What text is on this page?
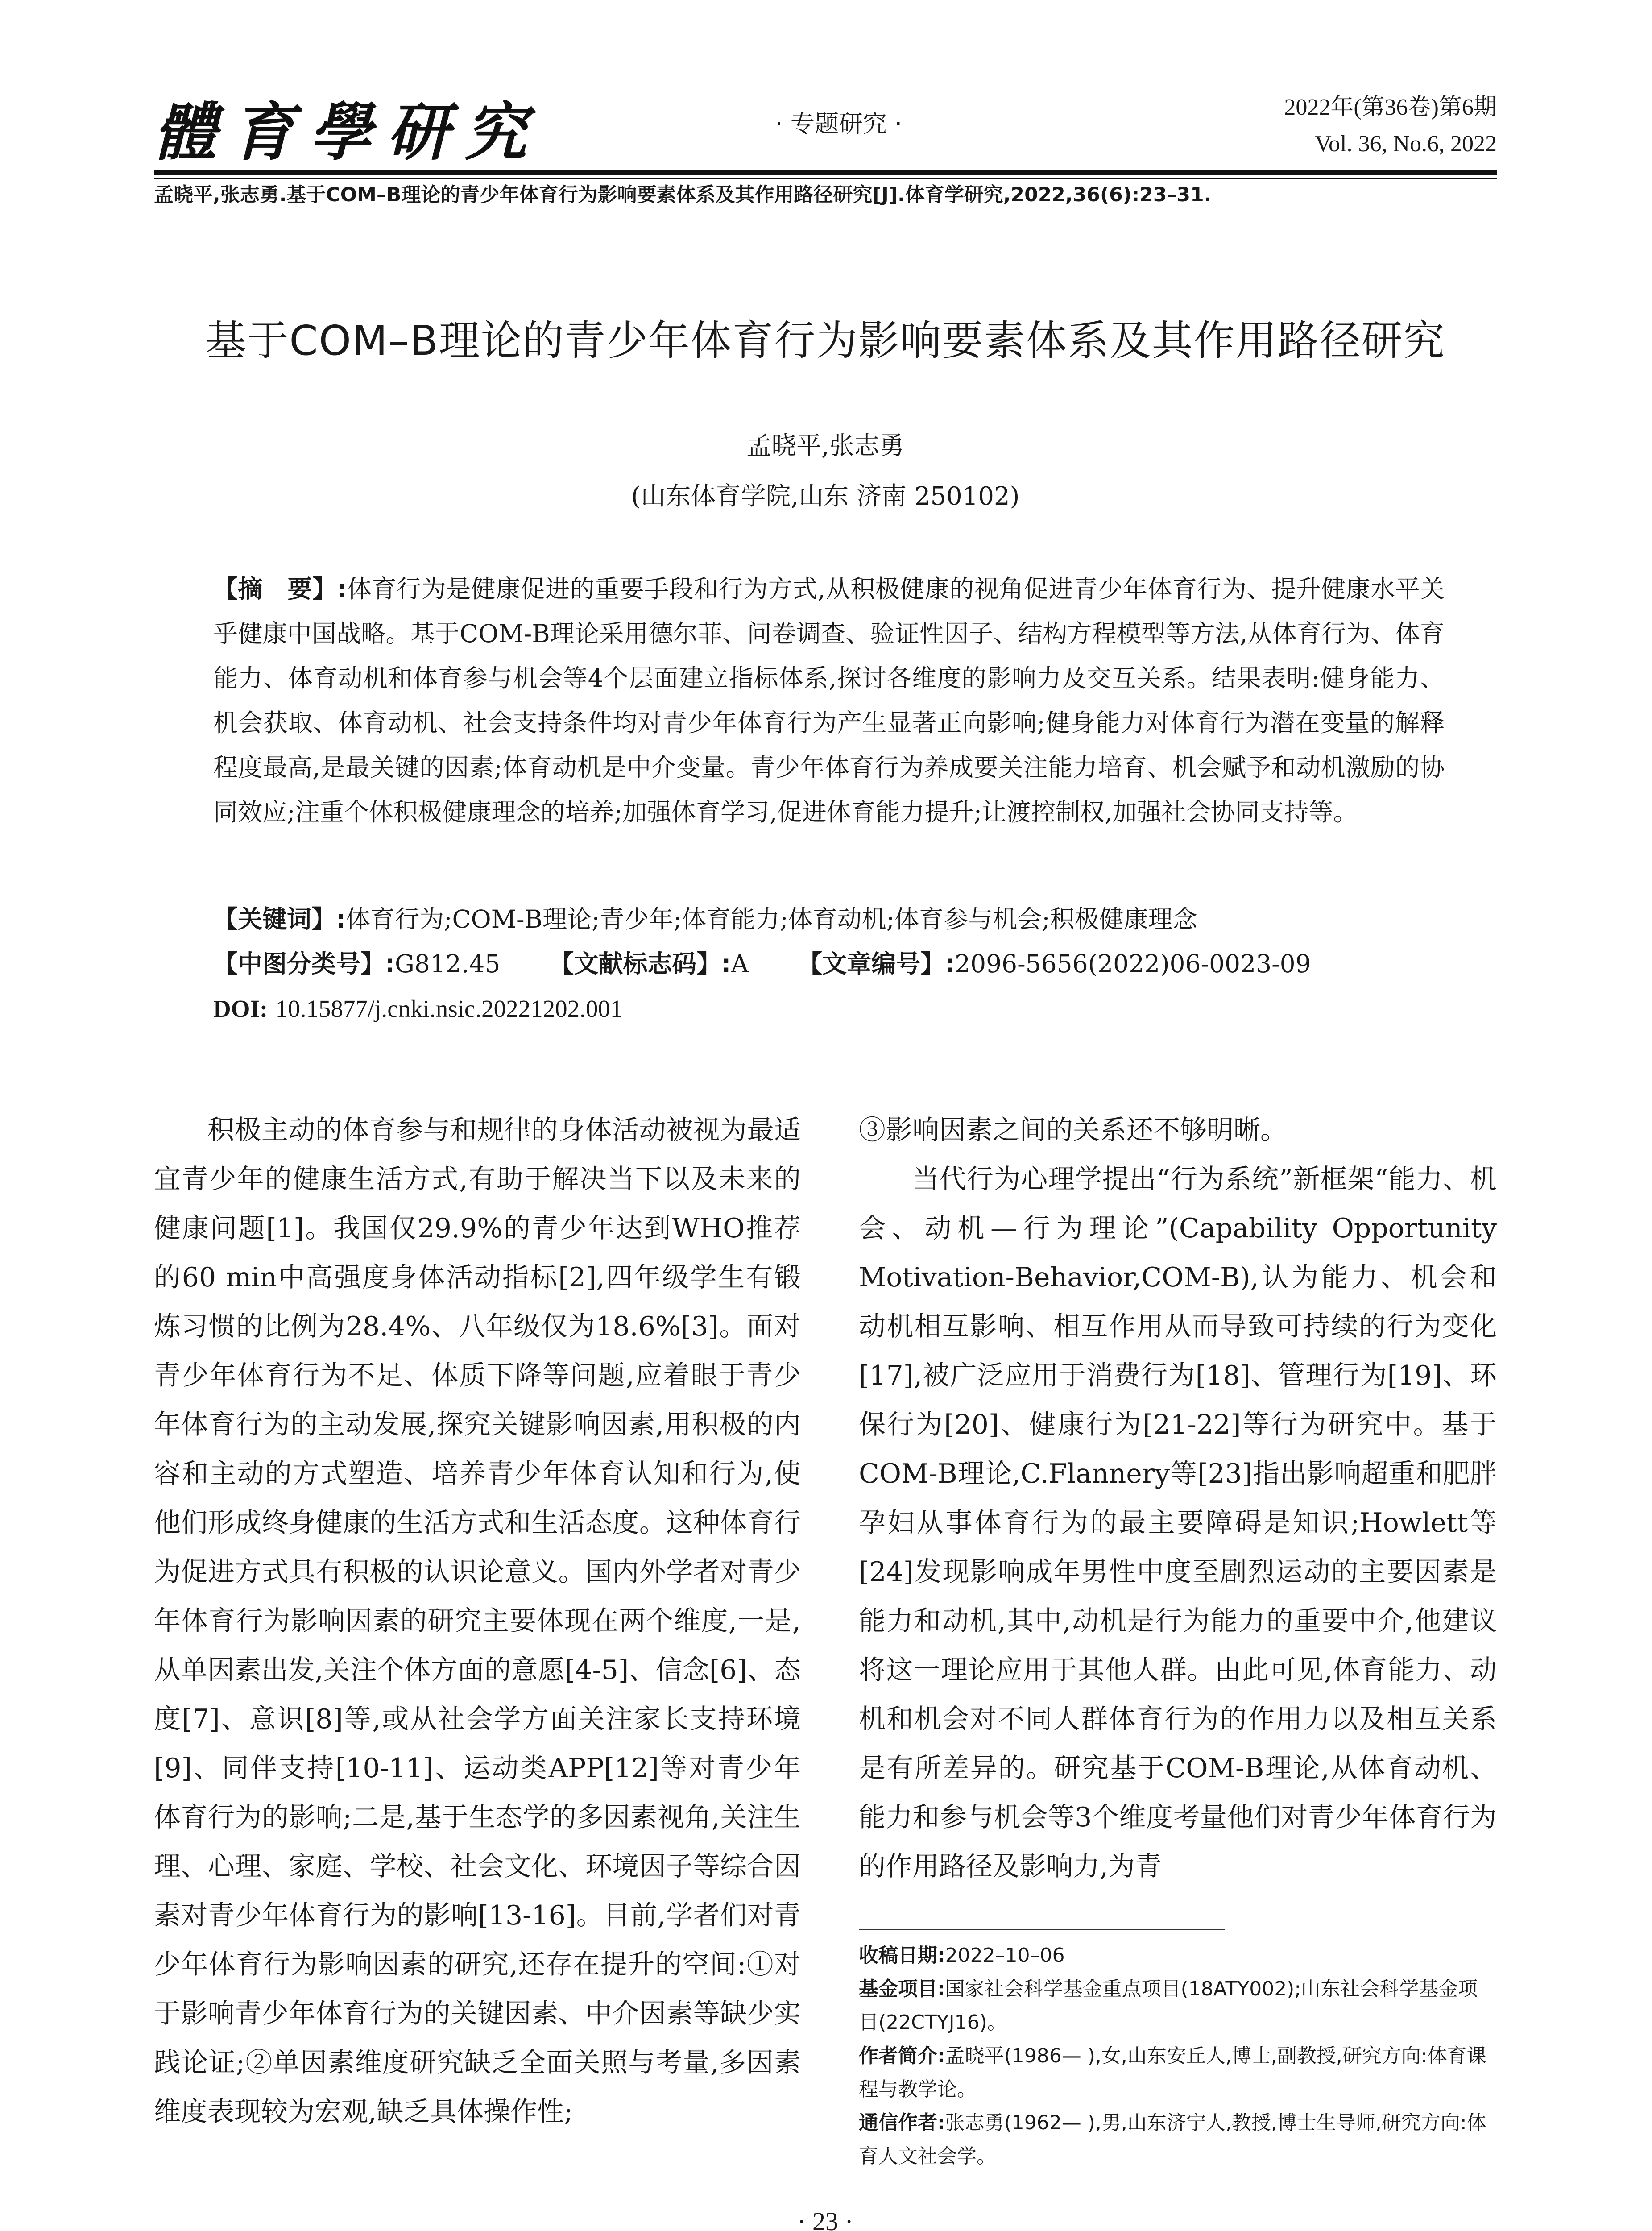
體育學研究	· 专题研究 ·
2022年(第36卷)第6期
Vol. 36, No.6, 2022
孟晓平,张志勇.基于COM–B理论的青少年体育行为影响要素体系及其作用路径研究[J].体育学研究,2022,36(6):23–31.
基于COM–B理论的青少年体育行为影响要素体系及其作用路径研究
孟晓平,张志勇
(山东体育学院,山东 济南 250102)
【摘　要】:体育行为是健康促进的重要手段和行为方式,从积极健康的视角促进青少年体育行为、提升健康水平关乎健康中国战略。基于COM-B理论采用德尔菲、问卷调查、验证性因子、结构方程模型等方法,从体育行为、体育能力、体育动机和体育参与机会等4个层面建立指标体系,探讨各维度的影响力及交互关系。结果表明:健身能力、机会获取、体育动机、社会支持条件均对青少年体育行为产生显著正向影响;健身能力对体育行为潜在变量的解释程度最高,是最关键的因素;体育动机是中介变量。青少年体育行为养成要关注能力培育、机会赋予和动机激励的协同效应;注重个体积极健康理念的培养;加强体育学习,促进体育能力提升;让渡控制权,加强社会协同支持等。
【关键词】:体育行为;COM-B理论;青少年;体育能力;体育动机;体育参与机会;积极健康理念
【中图分类号】:G812.45 【文献标志码】:A 【文章编号】:2096-5656(2022)06-0023-09
DOI: 10.15877/j.cnki.nsic.20221202.001

积极主动的体育参与和规律的身体活动被视为最适宜青少年的健康生活方式,有助于解决当下以及未来的健康问题[1]。我国仅29.9%的青少年达到WHO推荐的60 min中高强度身体活动指标[2],四年级学生有锻炼习惯的比例为28.4%、八年级仅为18.6%[3]。面对青少年体育行为不足、体质下降等问题,应着眼于青少年体育行为的主动发展,探究关键影响因素,用积极的内容和主动的方式塑造、培养青少年体育认知和行为,使他们形成终身健康的生活方式和生活态度。这种体育行为促进方式具有积极的认识论意义。国内外学者对青少年体育行为影响因素的研究主要体现在两个维度,一是,从单因素出发,关注个体方面的意愿[4-5]、信念[6]、态度[7]、意识[8]等,或从社会学方面关注家长支持环境[9]、同伴支持[10-11]、运动类APP[12]等对青少年体育行为的影响;二是,基于生态学的多因素视角,关注生理、心理、家庭、学校、社会文化、环境因子等综合因素对青少年体育行为的影响[13-16]。目前,学者们对青少年体育行为影响因素的研究,还存在提升的空间:①对于影响青少年体育行为的关键因素、中介因素等缺少实践论证;②单因素维度研究缺乏全面关照与考量,多因素维度表现较为宏观,缺乏具体操作性;

③影响因素之间的关系还不够明晰。

当代行为心理学提出“行为系统”新框架“能力、机会、动机—行为理论”(Capability Opportunity Motivation-Behavior,COM-B),认为能力、机会和动机相互影响、相互作用从而导致可持续的行为变化[17],被广泛应用于消费行为[18]、管理行为[19]、环保行为[20]、健康行为[21-22]等行为研究中。基于COM-B理论,C.Flannery等[23]指出影响超重和肥胖孕妇从事体育行为的最主要障碍是知识;Howlett等[24]发现影响成年男性中度至剧烈运动的主要因素是能力和动机,其中,动机是行为能力的重要中介,他建议将这一理论应用于其他人群。由此可见,体育能力、动机和机会对不同人群体育行为的作用力以及相互关系是有所差异的。研究基于COM-B理论,从体育动机、能力和参与机会等3个维度考量他们对青少年体育行为的作用路径及影响力,为青

收稿日期:2022–10–06

基金项目:国家社会科学基金重点项目(18ATY002);山东社会科学基金项目(22CTYJ16)。

作者简介:孟晓平(1986— ),女,山东安丘人,博士,副教授,研究方向:体育课程与教学论。

通信作者:张志勇(1962— ),男,山东济宁人,教授,博士生导师,研究方向:体育人文社会学。

· 23 ·
